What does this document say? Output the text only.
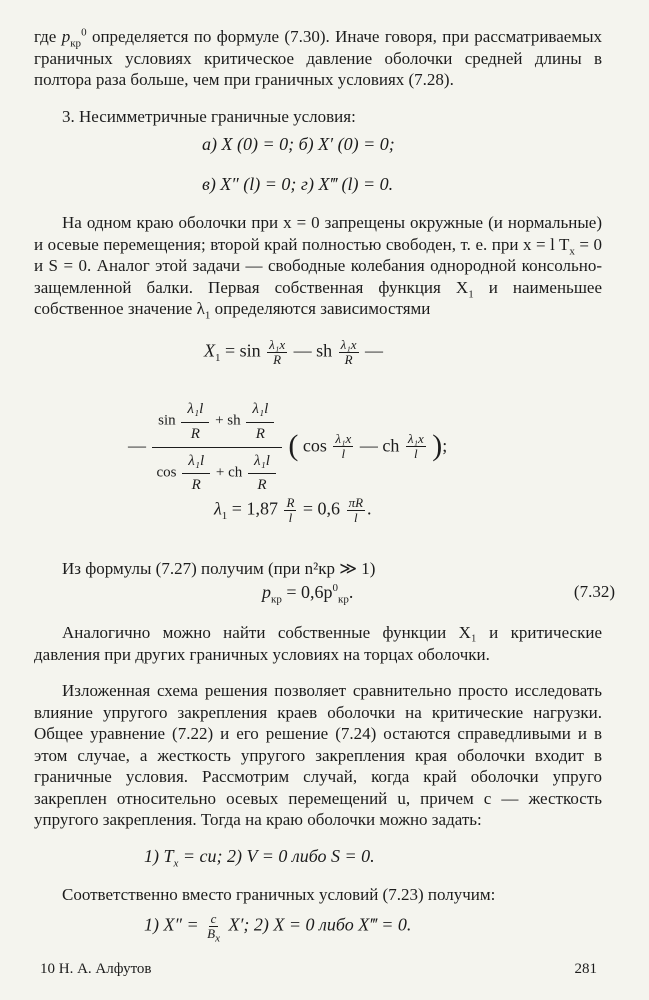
где $p_{кр}^0$ определяется по формуле (7.30). Иначе говоря, при рассматриваемых граничных условиях критическое давление оболочки средней длины в полтора раза больше, чем при граничных условиях (7.28).

3. Несимметричные граничные условия:

а) X (0) = 0; б) X′ (0) = 0;
в) X″ (l) = 0; г) X‴ (l) = 0.

На одном краю оболочки при x = 0 запрещены окружные (и нормальные) и осевые перемещения; второй край полностью свободен, т. е. при x = l $T_x = 0$ и S = 0. Аналог этой задачи — свободные колебания однородной консольно-защемленной балки. Первая собственная функция $X_1$ и наименьшее собственное значение $\lambda_1$ определяются зависимостями

$X_1 = \sin \frac{\text{λ₁x}}{R}$ — sh $\frac{\text{λ₁x}}{R}$ —
— $\frac{\sin \frac{\text{λ₁l}}{R} + sh \frac{\text{λ₁l}}{R}}{\cos \frac{\text{λ₁l}}{R} + ch \frac{\text{λ₁l}}{R}}$ ( $\cos \frac{\text{λ₁x}}{l}$ — ch $\frac{\text{λ₁x}}{l}$ );
$\lambda_1 = 1,87 \frac{R}{l} = 0,6 \frac{\pi R}{l}$ .

Из формулы (7.27) получим (при n²кр ≫ 1)

$p_{кр} = 0,6p^0_{кр}$.	(7.32)

Аналогично можно найти собственные функции X₁ и критические давления при других граничных условиях на торцах оболочки.

Изложенная схема решения позволяет сравнительно просто исследовать влияние упругого закрепления краев оболочки на критические нагрузки. Общее уравнение (7.22) и его решение (7.24) остаются справедливыми и в этом случае, а жесткость упругого закрепления края оболочки входит в граничные условия. Рассмотрим случай, когда край оболочки упруго закреплен относительно осевых перемещений u, причем c — жесткость упругого закрепления. Тогда на краю оболочки можно задать:

1) $T_x$ = cu; 2) V = 0 либо S = 0.

Соответственно вместо граничных условий (7.23) получим:

1) $X'' = \frac{c}{B_x} X'$; 2) X = 0 либо X‴ = 0.
10 Н. А. Алфутов	281
